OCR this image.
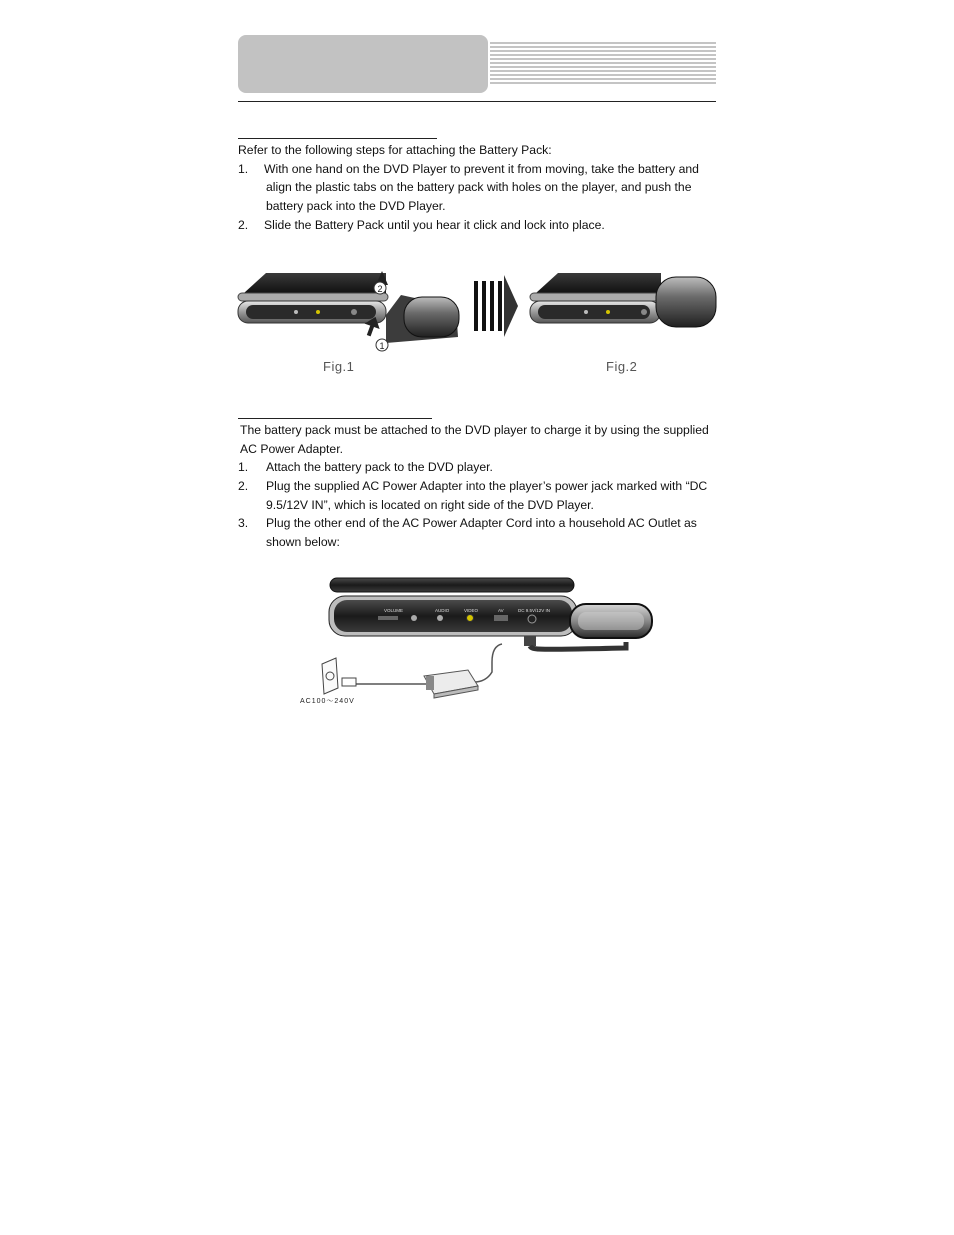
Refer to the following steps for attaching the Battery Pack:
1. With one hand on the DVD Player to prevent it from moving, take the battery and
align the plastic tabs on the battery pack with holes on the player, and push the
battery pack into the DVD Player.
2. Slide the Battery Pack until you hear it click and lock into place.
2
1
Fig.1	Fig.2
The battery pack must be attached to the DVD player to charge it by using the supplied
AC Power Adapter.
1. Attach the battery pack to the DVD player.
2. Plug the supplied AC Power Adapter into the player’s power jack marked with “DC
9.5/12V IN”, which is located on right side of the DVD Player.
3. Plug the other end of the AC Power Adapter Cord into a household AC Outlet as
shown below:
VOLUME	AUDIO	VIDEO	AV	DC 9.5V/12V IN
AC100～240V
